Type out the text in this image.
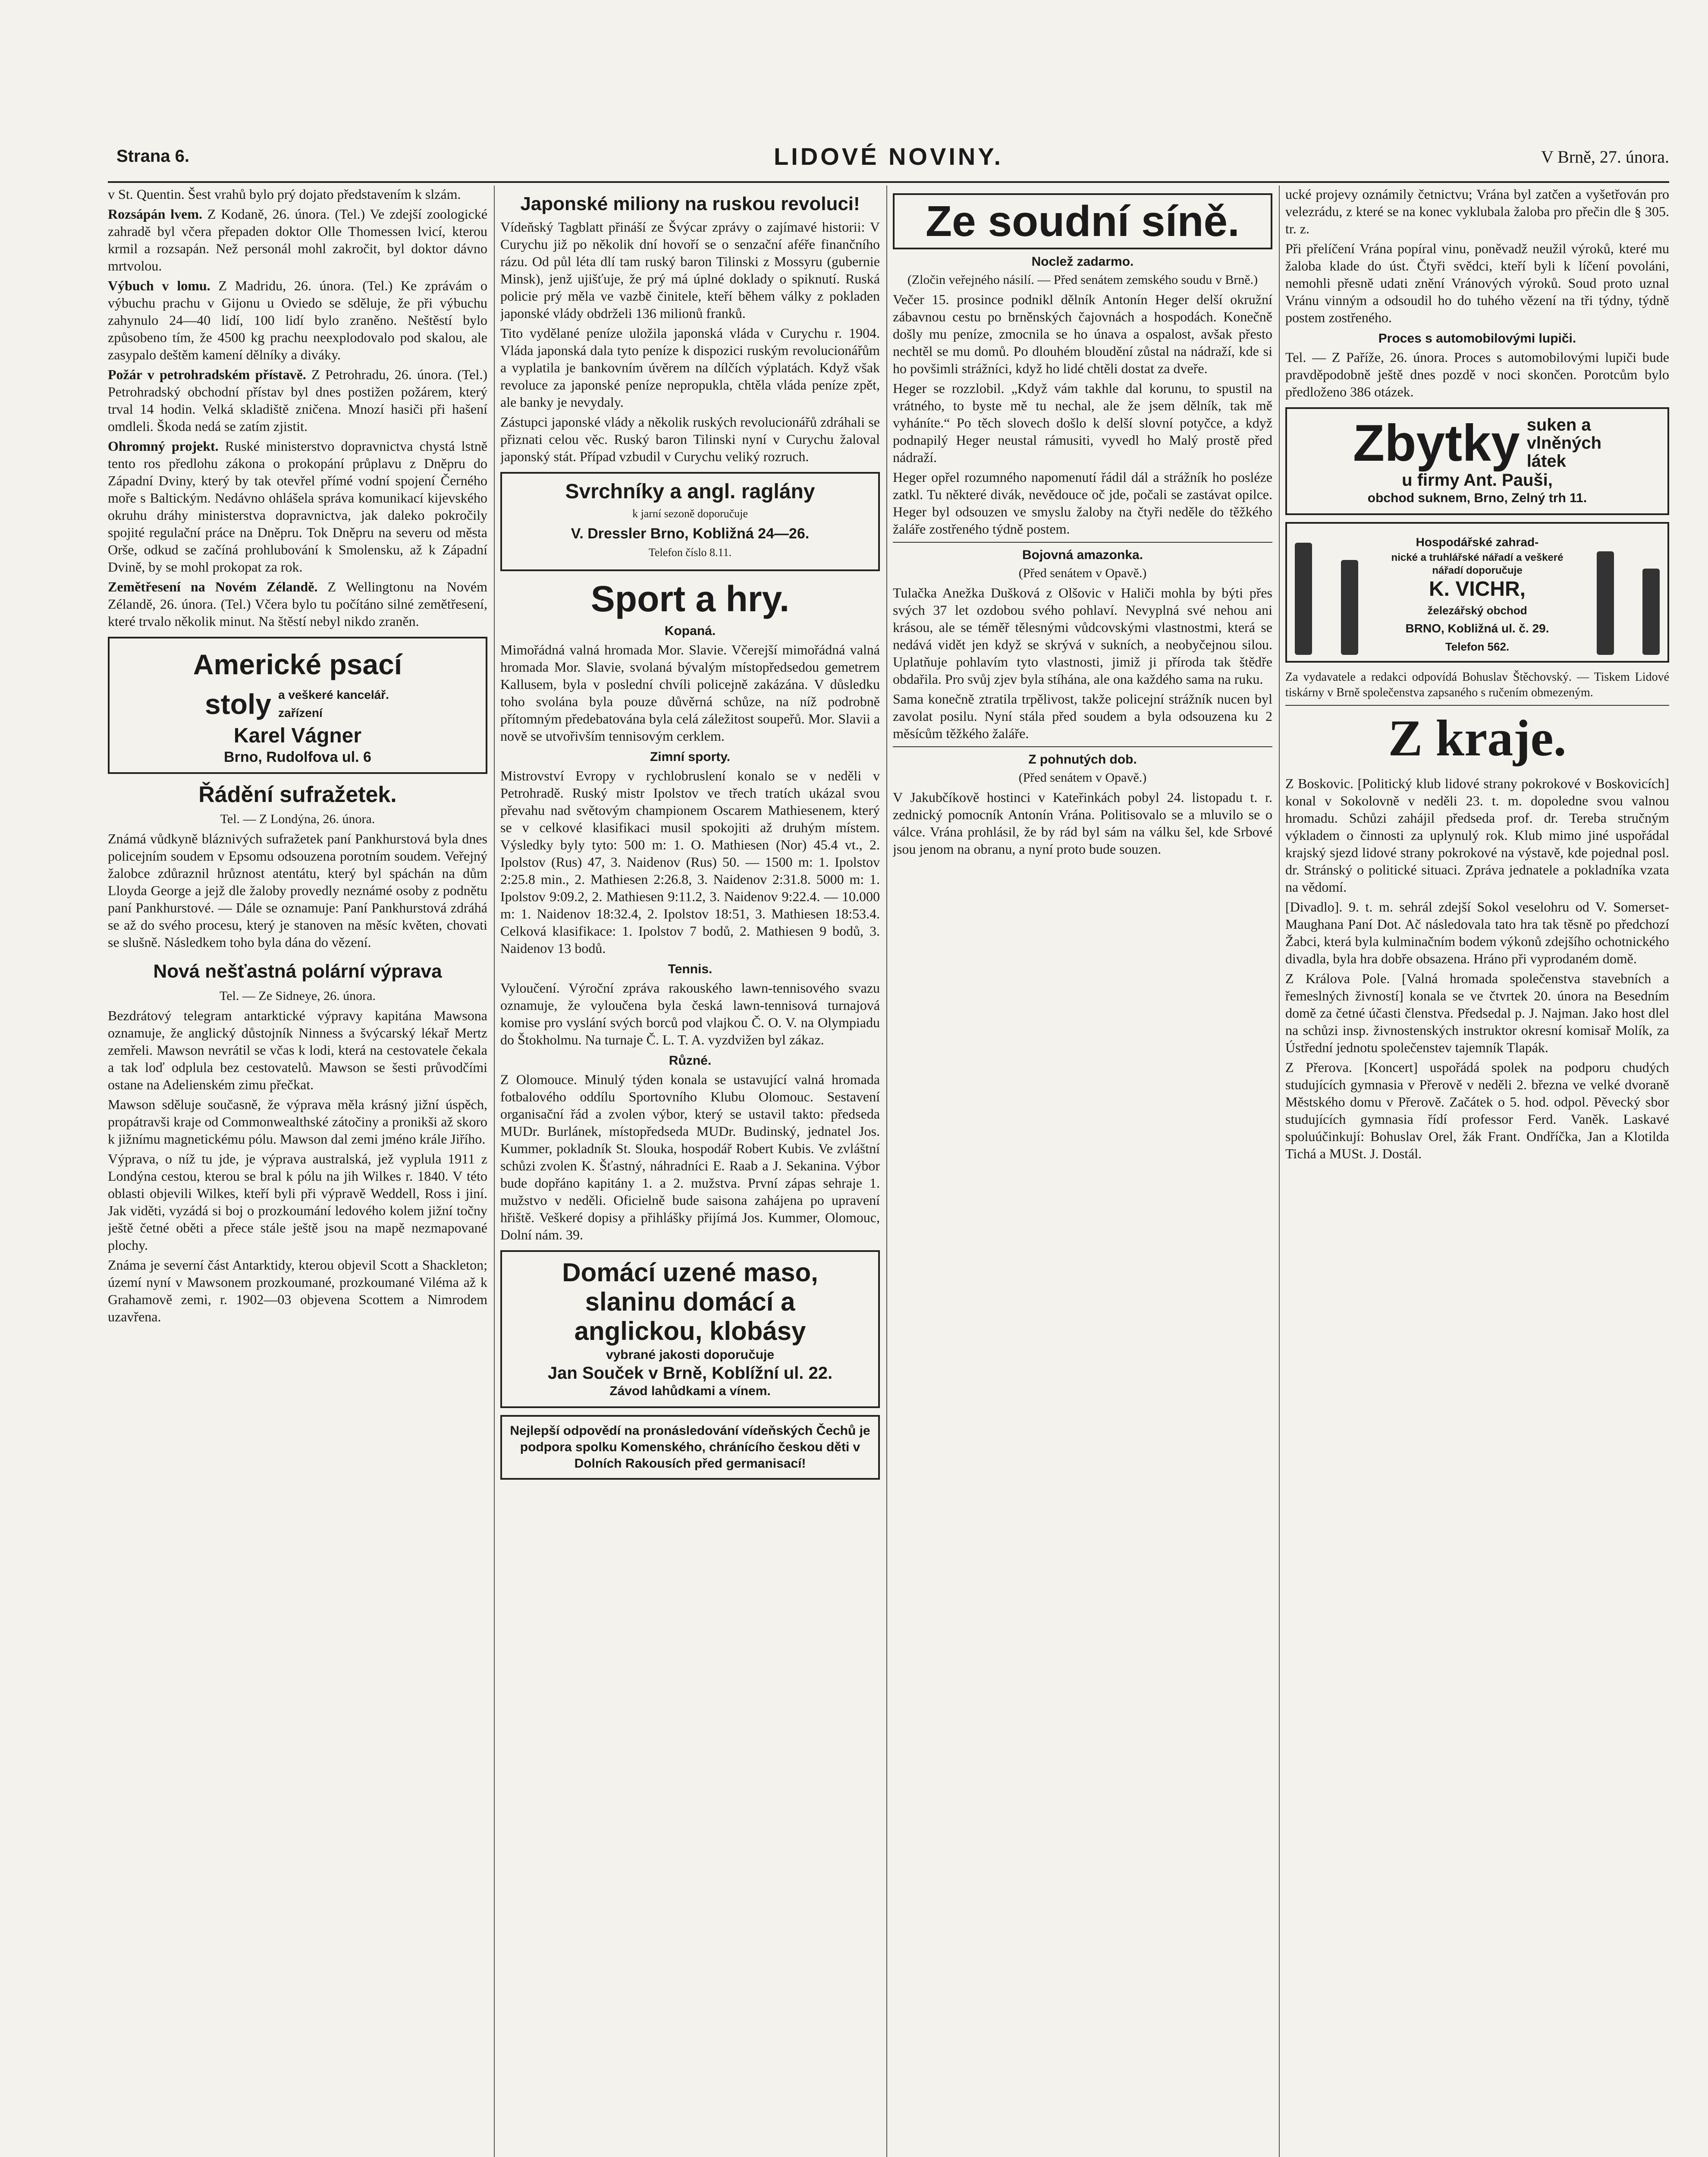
Strana 6.	LIDOVÉ NOVINY.	V Brně, 27. února.

v St. Quentin. Šest vrahů bylo prý dojato představením k slzám.

Rozsápán lvem. Z Kodaně, 26. února. (Tel.) Ve zdejší zoologické zahradě byl včera přepaden doktor Olle Thomessen lvicí, kterou krmil a rozsapán. Než personál mohl zakročit, byl doktor dávno mrtvolou.

Výbuch v lomu. Z Madridu, 26. února. (Tel.) Ke zprávám o výbuchu prachu v Gijonu u Oviedo se sděluje, že při výbuchu zahynulo 24—40 lidí, 100 lidí bylo zraněno. Neštěstí bylo způsobeno tím, že 4500 kg prachu neexplodovalo pod skalou, ale zasypalo deštěm kamení dělníky a diváky.

Požár v petrohradském přístavě. Z Petrohradu, 26. února. (Tel.) Petrohradský obchodní přístav byl dnes postižen požárem, který trval 14 hodin. Velká skladiště zničena. Mnozí hasiči při hašení omdleli. Škoda nedá se zatím zjistit.

Ohromný projekt. Ruské ministerstvo dopravnictva chystá lstně tento ros předlohu zákona o prokopání průplavu z Dněpru do Západní Dviny, který by tak otevřel přímé vodní spojení Černého moře s Baltickým. Nedávno ohlášela správa komunikací kijevského okruhu dráhy ministerstva dopravnictva, jak daleko pokročily spojité regulační práce na Dněpru. Tok Dněpru na severu od města Orše, odkud se začíná prohlubování k Smolensku, až k Západní Dvině, by se mohl prokopat za rok.

Zemětřesení na Novém Zélandě. Z Wellingtonu na Novém Zélandě, 26. února. (Tel.) Včera bylo tu počítáno silné zemětřesení, které trvalo několik minut. Na štěstí nebyl nikdo zraněn.

Americké psací
stoly a veškeré kancelář. zařízení
Karel Vágner
Brno, Rudolfova ul. 6
Řádění sufražetek.
Tel. — Z Londýna, 26. února.

Známá vůdkyně bláznivých sufražetek paní Pankhurstová byla dnes policejním soudem v Epsomu odsouzena porotním soudem. Veřejný žalobce zdůraznil hrůznost atentátu, který byl spáchán na dům Lloyda George a jejž dle žaloby provedly neznámé osoby z podnětu paní Pankhurstové. — Dále se oznamuje: Paní Pankhurstová zdráhá se až do svého procesu, který je stanoven na měsíc květen, chovati se slušně. Následkem toho byla dána do vězení.

Nová nešťastná polární výprava
Tel. — Ze Sidneye, 26. února.

Bezdrátový telegram antarktické výpravy kapitána Mawsona oznamuje, že anglický důstojník Ninness a švýcarský lékař Mertz zemřeli. Mawson nevrátil se včas k lodi, která na cestovatele čekala a tak loď odplula bez cestovatelů. Mawson se šesti průvodčími ostane na Adelienském zimu přečkat.

Mawson sděluje současně, že výprava měla krásný jižní úspěch, propátravši kraje od Commonwealthské zátočiny a pronikši až skoro k jižnímu magnetickému pólu. Mawson dal zemi jméno krále Jiřího.

Výprava, o níž tu jde, je výprava australská, jež vyplula 1911 z Londýna cestou, kterou se bral k pólu na jih Wilkes r. 1840. V této oblasti objevili Wilkes, kteří byli při výpravě Weddell, Ross i jiní. Jak viděti, vyzádá si boj o prozkoumání ledového kolem jižní točny ještě četné oběti a přece stále ještě jsou na mapě nezmapované plochy.

Známa je severní část Antarktidy, kterou objevil Scott a Shackleton; území nyní v Mawsonem prozkoumané, prozkoumané Viléma až k Grahamově zemi, r. 1902—03 objevena Scottem a Nimrodem uzavřena.

Japonské miliony na ruskou revoluci!

Vídeňský Tagblatt přináší ze Švýcar zprávy o zajímavé historii: V Curychu již po několik dní hovoří se o senzační aféře finančního rázu. Od půl léta dlí tam ruský baron Tilinski z Mossyru (gubernie Minsk), jenž ujišťuje, že prý má úplné doklady o spiknutí. Ruská policie prý měla ve vazbě činitele, kteří během války z pokladen japonské vlády obdrželi 136 milionů franků.

Tito vydělané peníze uložila japonská vláda v Curychu r. 1904. Vláda japonská dala tyto peníze k dispozici ruským revolucionářům a vyplatila je bankovním úvěrem na dílčích výplatách. Když však revoluce za japonské peníze nepropukla, chtěla vláda peníze zpět, ale banky je nevydaly.

Zástupci japonské vlády a několik ruských revolucionářů zdráhali se přiznati celou věc. Ruský baron Tilinski nyní v Curychu žaloval japonský stát. Případ vzbudil v Curychu veliký rozruch.

Svrchníky a angl. raglány
k jarní sezoně doporučuje
V. Dressler Brno, Kobližná 24—26.
Telefon číslo 8.11.
Sport a hry.
Kopaná.

Mimořádná valná hromada Mor. Slavie. Včerejší mimořádná valná hromada Mor. Slavie, svolaná bývalým místopředsedou gemetrem Kallusem, byla v poslední chvíli policejně zakázána. V důsledku toho svolána byla pouze důvěrná schůze, na níž podrobně přítomným předebatována byla celá záležitost soupeřů. Mor. Slavii a nově se utvořivším tennisovým cerklem.

Zimní sporty.

Mistrovství Evropy v rychlobruslení konalo se v neděli v Petrohradě. Ruský mistr Ipolstov ve třech tratích ukázal svou převahu nad světovým championem Oscarem Mathiesenem, který se v celkové klasifikaci musil spokojiti až druhým místem. Výsledky byly tyto: 500 m: 1. O. Mathiesen (Nor) 45.4 vt., 2. Ipolstov (Rus) 47, 3. Naidenov (Rus) 50. — 1500 m: 1. Ipolstov 2:25.8 min., 2. Mathiesen 2:26.8, 3. Naidenov 2:31.8. 5000 m: 1. Ipolstov 9:09.2, 2. Mathiesen 9:11.2, 3. Naidenov 9:22.4. — 10.000 m: 1. Naidenov 18:32.4, 2. Ipolstov 18:51, 3. Mathiesen 18:53.4. Celková klasifikace: 1. Ipolstov 7 bodů, 2. Mathiesen 9 bodů, 3. Naidenov 13 bodů.

Tennis.

Vyloučení. Výroční zpráva rakouského lawn-tennisového svazu oznamuje, že vyloučena byla česká lawn-tennisová turnajová komise pro vyslání svých borců pod vlajkou Č. O. V. na Olympiadu do Štokholmu. Na turnaje Č. L. T. A. vyzdvižen byl zákaz.

Různé.

Z Olomouce. Minulý týden konala se ustavující valná hromada fotbalového oddílu Sportovního Klubu Olomouc. Sestavení organisační řád a zvolen výbor, který se ustavil takto: předseda MUDr. Burlánek, místopředseda MUDr. Budinský, jednatel Jos. Kummer, pokladník St. Slouka, hospodář Robert Kubis. Ve zvláštní schůzi zvolen K. Šťastný, náhradníci E. Raab a J. Sekanina. Výbor bude dopřáno kapitány 1. a 2. mužstva. První zápas sehraje 1. mužstvo v neděli. Oficielně bude saisona zahájena po upravení hřiště. Veškeré dopisy a přihlášky přijímá Jos. Kummer, Olomouc, Dolní nám. 39.

Domácí uzené maso,
slaninu domácí a
anglickou, klobásy
vybrané jakosti doporučuje
Jan Souček v Brně, Koblížní ul. 22.
Závod lahůdkami a vínem.
Nejlepší odpovědí na pronásledování vídeňských Čechů je podpora spolku Komenského, chránícího českou děti v Dolních Rakousích před germanisací!
Ze soudní síně.
Noclež zadarmo.
(Zločin veřejného násilí. — Před senátem zemského soudu v Brně.)

Večer 15. prosince podnikl dělník Antonín Heger delší okružní zábavnou cestu po brněnských čajovnách a hospodách. Konečně došly mu peníze, zmocnila se ho únava a ospalost, avšak přesto nechtěl se mu domů. Po dlouhém bloudění zůstal na nádraží, kde si ho povšimli strážníci, když ho lidé chtěli dostat za dveře.

Heger se rozzlobil. „Když vám takhle dal korunu, to spustil na vrátného, to byste mě tu nechal, ale že jsem dělník, tak mě vyháníte.“ Po těch slovech došlo k delší slovní potyčce, a když podnapilý Heger neustal rámusiti, vyvedl ho Malý prostě před nádraží.

Heger opřel rozumného napomenutí řádil dál a strážník ho posléze zatkl. Tu některé divák, nevědouce oč jde, počali se zastávat opilce. Heger byl odsouzen ve smyslu žaloby na čtyři neděle do těžkého žaláře zostřeného týdně postem.

Bojovná amazonka.
(Před senátem v Opavě.)

Tulačka Anežka Dušková z Olšovic v Haliči mohla by býti přes svých 37 let ozdobou svého pohlaví. Nevyplná své nehou ani krásou, ale se téměř tělesnými vůdcovskými vlastnostmi, která se nedává vidět jen když se skrývá v sukních, a neobyčejnou silou. Uplatňuje pohlavím tyto vlastnosti, jimiž ji příroda tak štědře obdařila. Pro svůj zjev byla stíhána, ale ona každého sama na ruku.

Sama konečně ztratila trpělivost, takže policejní strážník nucen byl zavolat posilu. Nyní stála před soudem a byla odsouzena ku 2 měsícům těžkého žaláře.

Z pohnutých dob.
(Před senátem v Opavě.)

V Jakubčíkově hostinci v Kateřinkách pobyl 24. listopadu t. r. zednický pomocník Antonín Vrána. Politisovalo se a mluvilo se o válce. Vrána prohlásil, že by rád byl sám na válku šel, kde Srbové jsou jenom na obranu, a nyní proto bude souzen.

ucké projevy oznámily četnictvu; Vrána byl zatčen a vyšetřován pro velezrádu, z které se na konec vyklubala žaloba pro přečin dle § 305. tr. z.

Při přelíčení Vrána popíral vinu, poněvadž neužil výroků, které mu žaloba klade do úst. Čtyři svědci, kteří byli k líčení povoláni, nemohli přesně udati znění Vránových výroků. Soud proto uznal Vránu vinným a odsoudil ho do tuhého vězení na tři týdny, týdně postem zostřeného.

Proces s automobilovými lupiči.

Tel. — Z Paříže, 26. února. Proces s automobilovými lupiči bude pravděpodobně ještě dnes pozdě v noci skončen. Porotcům bylo předloženo 386 otázek.

Zbytky suken a
vlněných
látek
u firmy Ant. Pauši,
obchod suknem, Brno, Zelný trh 11.
Hospodářské zahrad-
nické a truhlářské nářadí a veškeré nářadí doporučuje
K. VICHR,
železářský obchod
BRNO, Kobližná ul. č. 29.
Telefon 562.

Za vydavatele a redakci odpovídá Bohuslav Štěchovský. — Tiskem Lidové tiskárny v Brně společenstva zapsaného s ručením obmezeným.

Z kraje.

Z Boskovic. [Politický klub lidové strany pokrokové v Boskovicích] konal v Sokolovně v neděli 23. t. m. dopoledne svou valnou hromadu. Schůzi zahájil předseda prof. dr. Tereba stručným výkladem o činnosti za uplynulý rok. Klub mimo jiné uspořádal krajský sjezd lidové strany pokrokové na výstavě, kde pojednal posl. dr. Stránský o politické situaci. Zpráva jednatele a pokladníka vzata na vědomí.

[Divadlo]. 9. t. m. sehrál zdejší Sokol veselohru od V. Somerset-Maughana Paní Dot. Ač následovala tato hra tak těsně po předchozí Žabci, která byla kulminačním bodem výkonů zdejšího ochotnického divadla, byla hra dobře obsazena. Hráno při vyprodaném domě.

Z Králova Pole. [Valná hromada společenstva stavebních a řemeslných živností] konala se ve čtvrtek 20. února na Besedním domě za četné účasti členstva. Předsedal p. J. Najman. Jako host dlel na schůzi insp. živnostenských instruktor okresní komisař Molík, za Ústřední jednotu společenstev tajemník Tlapák.

Z Přerova. [Koncert] uspořádá spolek na podporu chudých studujících gymnasia v Přerově v neděli 2. března ve velké dvoraně Městského domu v Přerově. Začátek o 5. hod. odpol. Pěvecký sbor studujících gymnasia řídí professor Ferd. Vaněk. Laskavé spoluúčinkují: Bohuslav Orel, žák Frant. Ondříčka, Jan a Klotilda Tichá a MUSt. J. Dostál.
